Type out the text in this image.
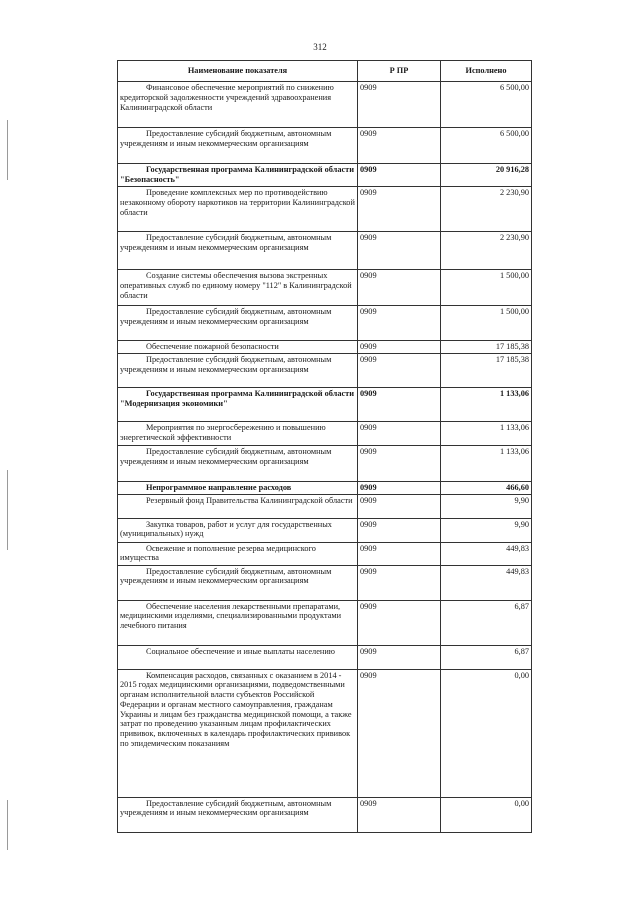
312
Наименование показателя	Р ПР	Исполнено
Финансовое обеспечение мероприятий по снижению кредиторской задолженности учреждений здравоохранения Калининградской области	0909	6 500,00
Предоставление субсидий бюджетным, автономным учреждениям и иным некоммерческим организациям	0909	6 500,00
Государственная программа Калининградской области "Безопасность"	0909	20 916,28
Проведение комплексных мер по противодействию незаконному обороту наркотиков на территории Калининградской области	0909	2 230,90
Предоставление субсидий бюджетным, автономным учреждениям и иным некоммерческим организациям	0909	2 230,90
Создание системы обеспечения вызова экстренных оперативных служб по единому номеру "112" в Калининградской области	0909	1 500,00
Предоставление субсидий бюджетным, автономным учреждениям и иным некоммерческим организациям	0909	1 500,00
Обеспечение пожарной безопасности	0909	17 185,38
Предоставление субсидий бюджетным, автономным учреждениям и иным некоммерческим организациям	0909	17 185,38
Государственная программа Калининградской области "Модернизация экономики"	0909	1 133,06
Мероприятия по энергосбережению и повышению энергетической эффективности	0909	1 133,06
Предоставление субсидий бюджетным, автономным учреждениям и иным некоммерческим организациям	0909	1 133,06
Непрограммное направление расходов	0909	466,60
Резервный фонд Правительства Калининградской области	0909	9,90
Закупка товаров, работ и услуг для государственных (муниципальных) нужд	0909	9,90
Освежение и пополнение резерва медицинского имущества	0909	449,83
Предоставление субсидий бюджетным, автономным учреждениям и иным некоммерческим организациям	0909	449,83
Обеспечение населения лекарственными препаратами, медицинскими изделиями, специализированными продуктами лечебного питания	0909	6,87
Социальное обеспечение и иные выплаты населению	0909	6,87
Компенсация расходов, связанных с оказанием в 2014 - 2015 годах медицинскими организациями, подведомственными органам исполнительной власти субъектов Российской Федерации и органам местного самоуправления, гражданам Украины и лицам без гражданства медицинской помощи, а также затрат по проведению указанным лицам профилактических прививок, включенных в календарь профилактических прививок по эпидемическим показаниям	0909	0,00
Предоставление субсидий бюджетным, автономным учреждениям и иным некоммерческим организациям	0909	0,00
